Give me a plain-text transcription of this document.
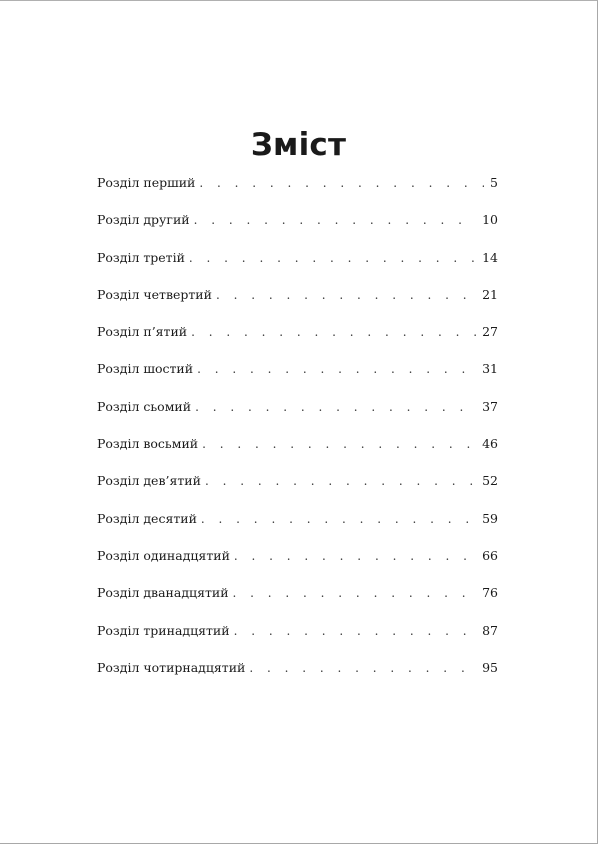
Зміст
Розділ перший . . .	5
Розділ другий . . .	10
Розділ третій . . .	14
Розділ четвертий . . .	21
Розділ п’ятий . . .	27
Розділ шостий . . .	31
Розділ сьомий . . .	37
Розділ восьмий . . .	46
Розділ дев’ятий . . .	52
Розділ десятий . . .	59
Розділ одинадцятий . . .	66
Розділ дванадцятий . . .	76
Розділ тринадцятий . . .	87
Розділ чотирнадцятий . . .	95
